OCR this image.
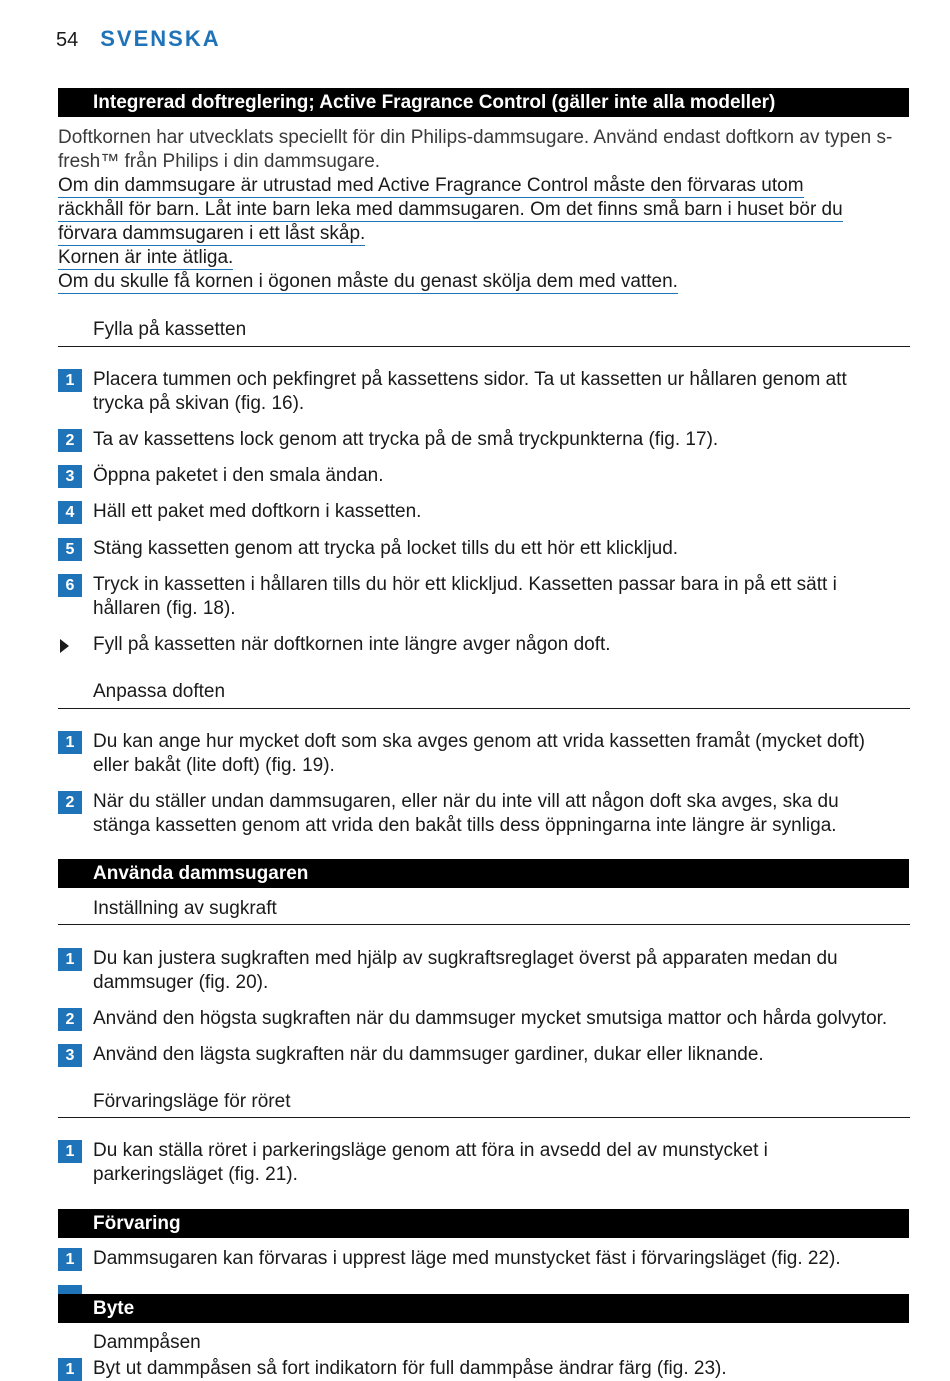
54 SVENSKA
Integrerad doftreglering; Active Fragrance Control (gäller inte alla modeller)
Doftkornen har utvecklats speciellt för din Philips-dammsugare. Använd endast doftkorn av typen s-
fresh™ från Philips i din dammsugare.
Om din dammsugare är utrustad med Active Fragrance Control måste den förvaras utom
räckhåll för barn. Låt inte barn leka med dammsugaren. Om det finns små barn i huset bör du
förvara dammsugaren i ett låst skåp.
Kornen är inte ätliga.
Om du skulle få kornen i ögonen måste du genast skölja dem med vatten.
Fylla på kassetten
1 Placera tummen och pekfingret på kassettens sidor. Ta ut kassetten ur hållaren genom att
trycka på skivan (fig. 16).
2 Ta av kassettens lock genom att trycka på de små tryckpunkterna (fig. 17).
3 Öppna paketet i den smala ändan.
4 Häll ett paket med doftkorn i kassetten.
5 Stäng kassetten genom att trycka på locket tills du ett hör ett klickljud.
6 Tryck in kassetten i hållaren tills du hör ett klickljud. Kassetten passar bara in på ett sätt i
hållaren (fig. 18).
Fyll på kassetten när doftkornen inte längre avger någon doft.
Anpassa doften
1 Du kan ange hur mycket doft som ska avges genom att vrida kassetten framåt (mycket doft)
eller bakåt (lite doft) (fig. 19).
2 När du ställer undan dammsugaren, eller när du inte vill att någon doft ska avges, ska du
stänga kassetten genom att vrida den bakåt tills dess öppningarna inte längre är synliga.
Använda dammsugaren
Inställning av sugkraft
1 Du kan justera sugkraften med hjälp av sugkraftsreglaget överst på apparaten medan du
dammsuger (fig. 20).
2 Använd den högsta sugkraften när du dammsuger mycket smutsiga mattor och hårda golvytor.
3 Använd den lägsta sugkraften när du dammsuger gardiner, dukar eller liknande.
Förvaringsläge för röret
1 Du kan ställa röret i parkeringsläge genom att föra in avsedd del av munstycket i
parkeringsläget (fig. 21).
Förvaring
1 Dammsugaren kan förvaras i upprest läge med munstycket fäst i förvaringsläget (fig. 22).
Byte
Dammpåsen
1 Byt ut dammpåsen så fort indikatorn för full dammpåse ändrar färg (fig. 23).
